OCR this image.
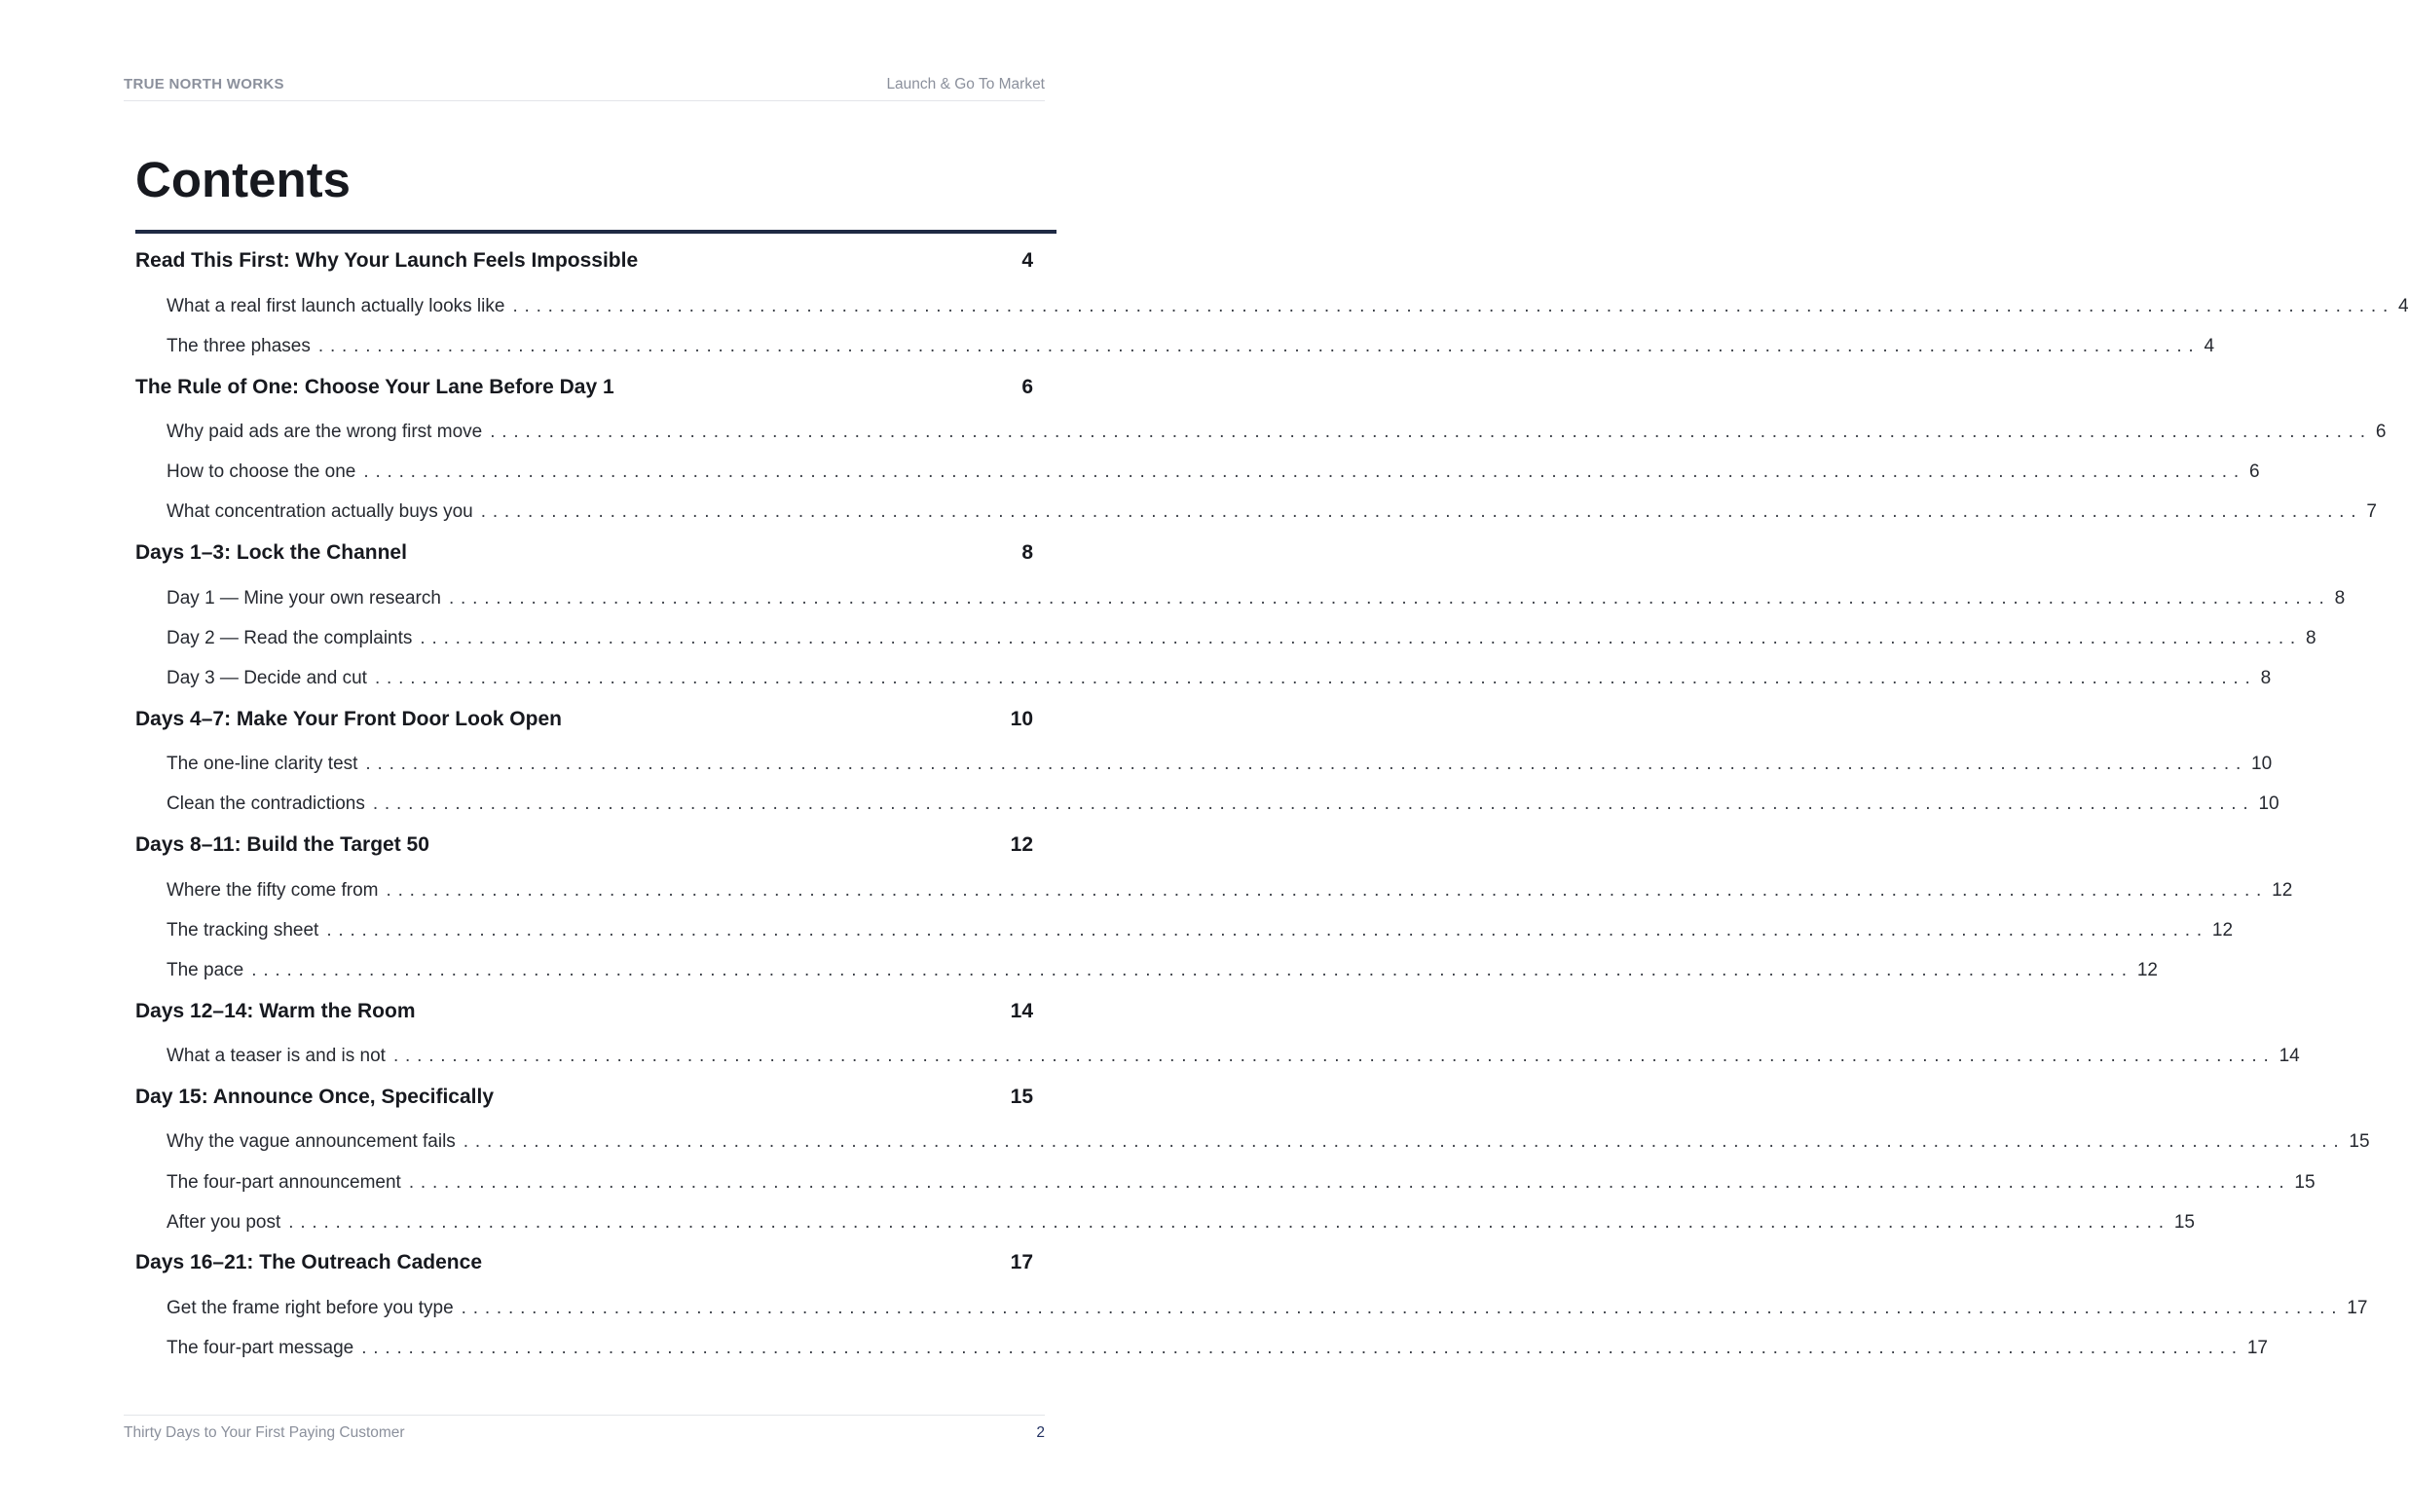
TRUE NORTH WORKS	Launch & Go To Market
Contents
Read This First: Why Your Launch Feels Impossible	4
What a real first launch actually looks like ................................................................................................................................................................ 4
The three phases ................................................................................................................................................................ 4
The Rule of One: Choose Your Lane Before Day 1	6
Why paid ads are the wrong first move ................................................................................................................................................................ 6
How to choose the one ................................................................................................................................................................ 6
What concentration actually buys you ................................................................................................................................................................ 7
Days 1–3: Lock the Channel	8
Day 1 — Mine your own research ................................................................................................................................................................ 8
Day 2 — Read the complaints ................................................................................................................................................................ 8
Day 3 — Decide and cut ................................................................................................................................................................ 8
Days 4–7: Make Your Front Door Look Open	10
The one-line clarity test ................................................................................................................................................................ 10
Clean the contradictions ................................................................................................................................................................ 10
Days 8–11: Build the Target 50	12
Where the fifty come from ................................................................................................................................................................ 12
The tracking sheet ................................................................................................................................................................ 12
The pace ................................................................................................................................................................ 12
Days 12–14: Warm the Room	14
What a teaser is and is not ................................................................................................................................................................ 14
Day 15: Announce Once, Specifically	15
Why the vague announcement fails ................................................................................................................................................................ 15
The four-part announcement ................................................................................................................................................................ 15
After you post ................................................................................................................................................................ 15
Days 16–21: The Outreach Cadence	17
Get the frame right before you type ................................................................................................................................................................ 17
The four-part message ................................................................................................................................................................ 17
Thirty Days to Your First Paying Customer	2
